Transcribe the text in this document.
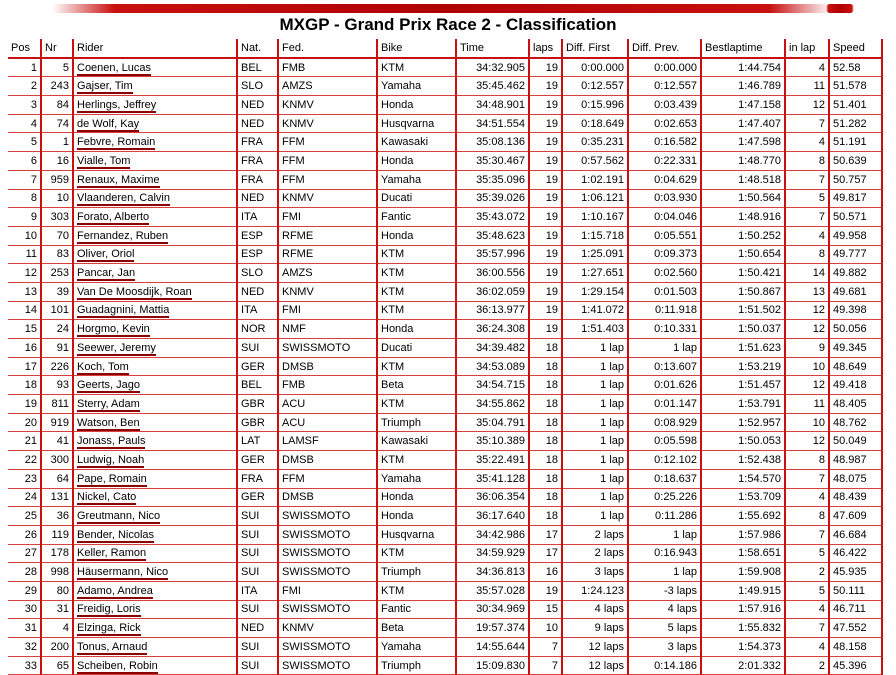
MXGP - Grand Prix Race 2 - Classification
Pos	Nr	Rider	Nat.	Fed.	Bike	Time	laps	Diff. First	Diff. Prev.	Bestlaptime	in lap	Speed
1	5	Coenen, Lucas	BEL	FMB	KTM	34:32.905	19	0:00.000	0:00.000	1:44.754	4	52.58
2	243	Gajser, Tim	SLO	AMZS	Yamaha	35:45.462	19	0:12.557	0:12.557	1:46.789	11	51.578
3	84	Herlings, Jeffrey	NED	KNMV	Honda	34:48.901	19	0:15.996	0:03.439	1:47.158	12	51.401
4	74	de Wolf, Kay	NED	KNMV	Husqvarna	34:51.554	19	0:18.649	0:02.653	1:47.407	7	51.282
5	1	Febvre, Romain	FRA	FFM	Kawasaki	35:08.136	19	0:35.231	0:16.582	1:47.598	4	51.191
6	16	Vialle, Tom	FRA	FFM	Honda	35:30.467	19	0:57.562	0:22.331	1:48.770	8	50.639
7	959	Renaux, Maxime	FRA	FFM	Yamaha	35:35.096	19	1:02.191	0:04.629	1:48.518	7	50.757
8	10	Vlaanderen, Calvin	NED	KNMV	Ducati	35:39.026	19	1:06.121	0:03.930	1:50.564	5	49.817
9	303	Forato, Alberto	ITA	FMI	Fantic	35:43.072	19	1:10.167	0:04.046	1:48.916	7	50.571
10	70	Fernandez, Ruben	ESP	RFME	Honda	35:48.623	19	1:15.718	0:05.551	1:50.252	4	49.958
11	83	Oliver, Oriol	ESP	RFME	KTM	35:57.996	19	1:25.091	0:09.373	1:50.654	8	49.777
12	253	Pancar, Jan	SLO	AMZS	KTM	36:00.556	19	1:27.651	0:02.560	1:50.421	14	49.882
13	39	Van De Moosdijk, Roan	NED	KNMV	KTM	36:02.059	19	1:29.154	0:01.503	1:50.867	13	49.681
14	101	Guadagnini, Mattia	ITA	FMI	KTM	36:13.977	19	1:41.072	0:11.918	1:51.502	12	49.398
15	24	Horgmo, Kevin	NOR	NMF	Honda	36:24.308	19	1:51.403	0:10.331	1:50.037	12	50.056
16	91	Seewer, Jeremy	SUI	SWISSMOTO	Ducati	34:39.482	18	1 lap	1 lap	1:51.623	9	49.345
17	226	Koch, Tom	GER	DMSB	KTM	34:53.089	18	1 lap	0:13.607	1:53.219	10	48.649
18	93	Geerts, Jago	BEL	FMB	Beta	34:54.715	18	1 lap	0:01.626	1:51.457	12	49.418
19	811	Sterry, Adam	GBR	ACU	KTM	34:55.862	18	1 lap	0:01.147	1:53.791	11	48.405
20	919	Watson, Ben	GBR	ACU	Triumph	35:04.791	18	1 lap	0:08.929	1:52.957	10	48.762
21	41	Jonass, Pauls	LAT	LAMSF	Kawasaki	35:10.389	18	1 lap	0:05.598	1:50.053	12	50.049
22	300	Ludwig, Noah	GER	DMSB	KTM	35:22.491	18	1 lap	0:12.102	1:52.438	8	48.987
23	64	Pape, Romain	FRA	FFM	Yamaha	35:41.128	18	1 lap	0:18.637	1:54.570	7	48.075
24	131	Nickel, Cato	GER	DMSB	Honda	36:06.354	18	1 lap	0:25.226	1:53.709	4	48.439
25	36	Greutmann, Nico	SUI	SWISSMOTO	Honda	36:17.640	18	1 lap	0:11.286	1:55.692	8	47.609
26	119	Bender, Nicolas	SUI	SWISSMOTO	Husqvarna	34:42.986	17	2 laps	1 lap	1:57.986	7	46.684
27	178	Keller, Ramon	SUI	SWISSMOTO	KTM	34:59.929	17	2 laps	0:16.943	1:58.651	5	46.422
28	998	Häusermann, Nico	SUI	SWISSMOTO	Triumph	34:36.813	16	3 laps	1 lap	1:59.908	2	45.935
29	80	Adamo, Andrea	ITA	FMI	KTM	35:57.028	19	1:24.123	-3 laps	1:49.915	5	50.111
30	31	Freidig, Loris	SUI	SWISSMOTO	Fantic	30:34.969	15	4 laps	4 laps	1:57.916	4	46.711
31	4	Elzinga, Rick	NED	KNMV	Beta	19:57.374	10	9 laps	5 laps	1:55.832	7	47.552
32	200	Tonus, Arnaud	SUI	SWISSMOTO	Yamaha	14:55.644	7	12 laps	3 laps	1:54.373	4	48.158
33	65	Scheiben, Robin	SUI	SWISSMOTO	Triumph	15:09.830	7	12 laps	0:14.186	2:01.332	2	45.396
